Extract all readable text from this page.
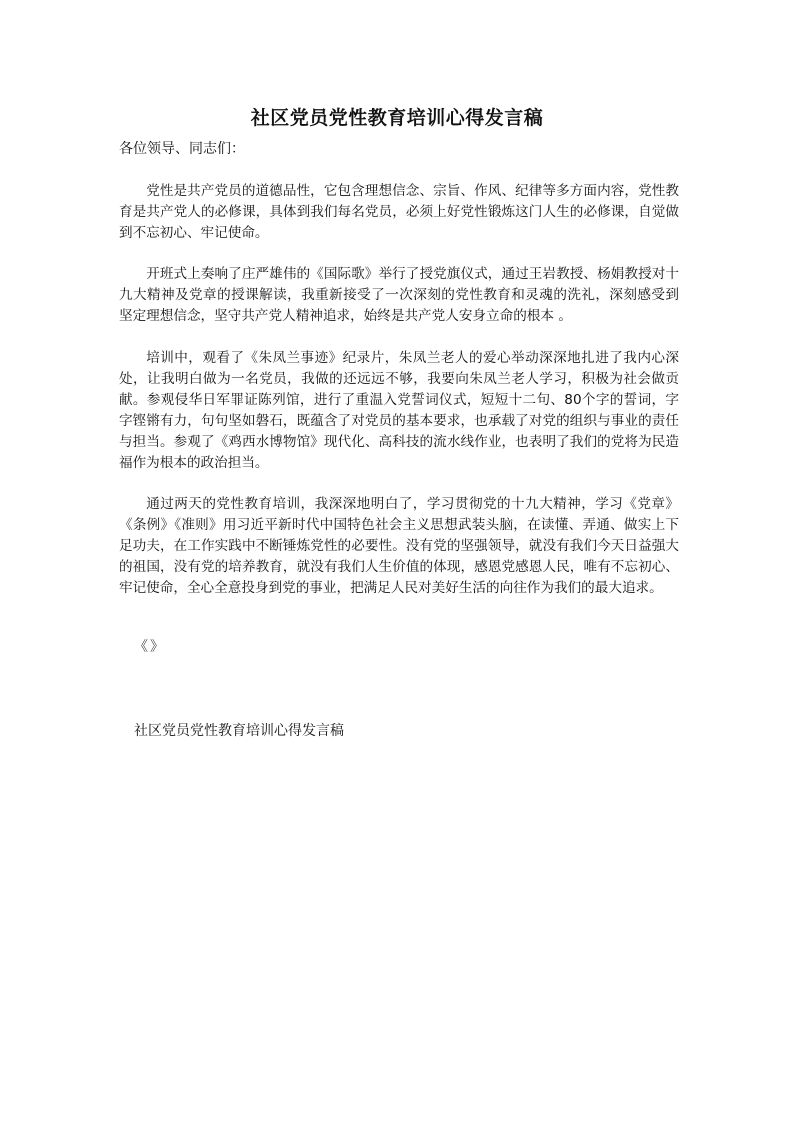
社区党员党性教育培训心得发言稿
各位领导、同志们：

党性是共产党员的道德品性，它包含理想信念、宗旨、作风、纪律等多方面内容，党性教育是共产党人的必修课，具体到我们每名党员，必须上好党性锻炼这门人生的必修课，自觉做到不忘初心、牢记使命。

开班式上奏响了庄严雄伟的《国际歌》举行了授党旗仪式，通过王岩教授、杨娟教授对十九大精神及党章的授课解读，我重新接受了一次深刻的党性教育和灵魂的洗礼，深刻感受到 坚定理想信念，坚守共产党人精神追求，始终是共产党人安身立命的根本 。

培训中，观看了《朱凤兰事迹》纪录片，朱凤兰老人的爱心举动深深地扎进了我内心深处，让我明白做为一名党员，我做的还远远不够，我要向朱凤兰老人学习，积极为社会做贡献。参观侵华日军罪证陈列馆，进行了重温入党誓词仪式，短短十二句、80个字的誓词，字字铿锵有力，句句坚如磐石，既蕴含了对党员的基本要求，也承载了对党的组织与事业的责任与担当。参观了《鸡西水博物馆》现代化、高科技的流水线作业，也表明了我们的党将为民造福作为根本的政治担当。

通过两天的党性教育培训，我深深地明白了，学习贯彻党的十九大精神，学习《党章》《条例》《准则》用习近平新时代中国特色社会主义思想武装头脑，在读懂、弄通、做实上下足功夫，在工作实践中不断锤炼党性的必要性。没有党的坚强领导，就没有我们今天日益强大的祖国，没有党的培养教育，就没有我们人生价值的体现，感恩党感恩人民，唯有不忘初心、牢记使命，全心全意投身到党的事业，把满足人民对美好生活的向往作为我们的最大追求。

《》
社区党员党性教育培训心得发言稿
